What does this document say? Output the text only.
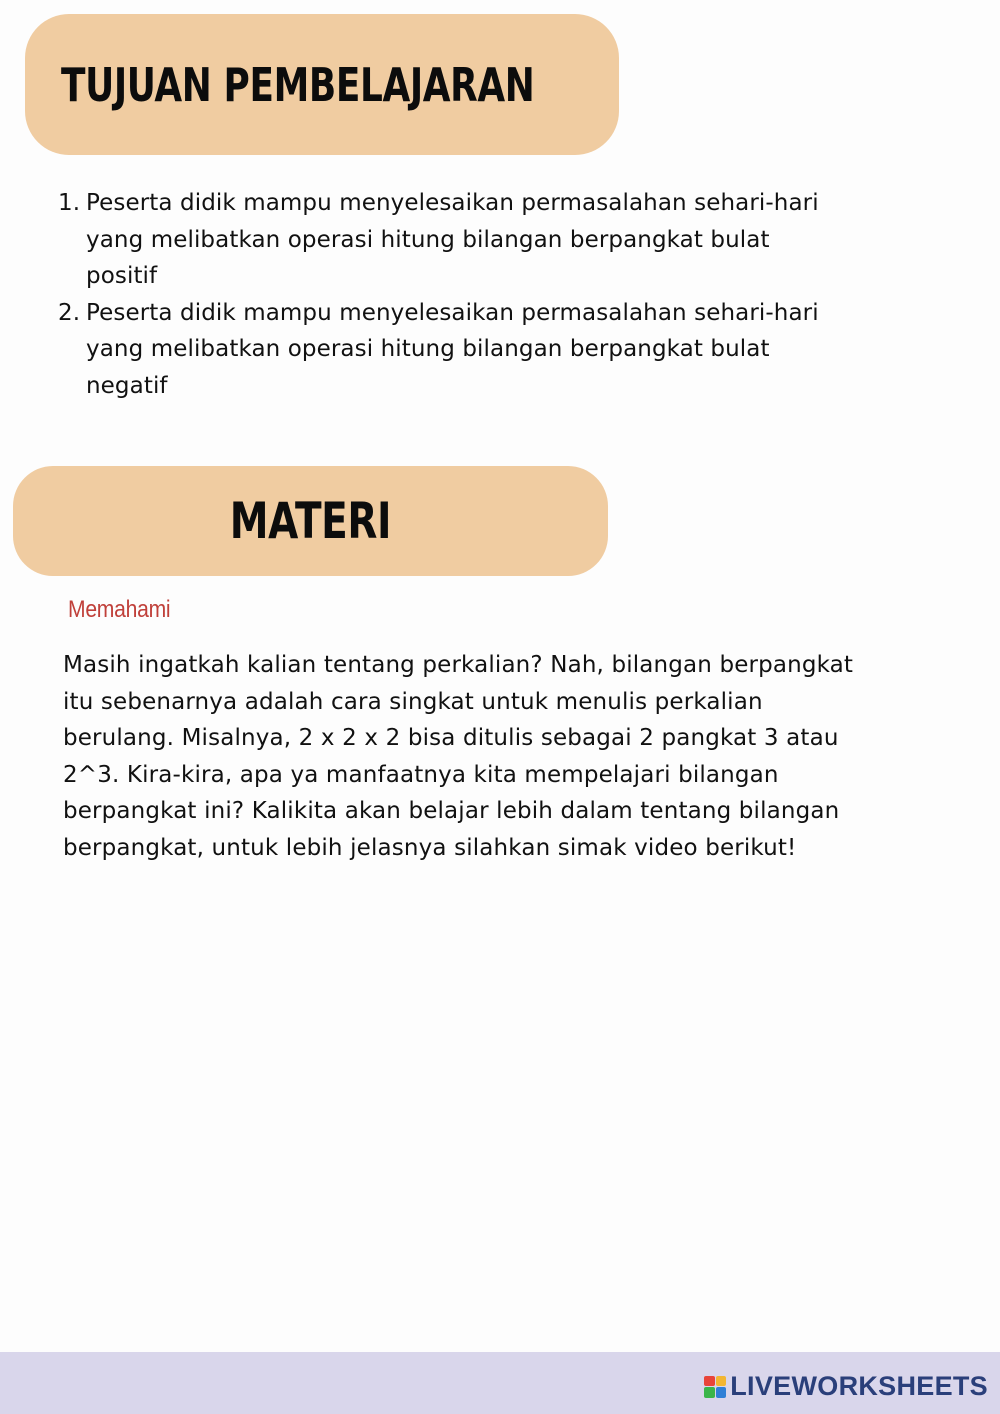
TUJUAN PEMBELAJARAN
1. Peserta didik mampu menyelesaikan permasalahan sehari-hari
yang melibatkan operasi hitung bilangan berpangkat bulat
positif
2. Peserta didik mampu menyelesaikan permasalahan sehari-hari
yang melibatkan operasi hitung bilangan berpangkat bulat
negatif
MATERI
Memahami
Masih ingatkah kalian tentang perkalian? Nah, bilangan berpangkat
itu sebenarnya adalah cara singkat untuk menulis perkalian
berulang. Misalnya, 2 x 2 x 2 bisa ditulis sebagai 2 pangkat 3 atau
2^3. Kira-kira, apa ya manfaatnya kita mempelajari bilangan
berpangkat ini? Kalikita akan belajar lebih dalam tentang bilangan
berpangkat, untuk lebih jelasnya silahkan simak video berikut!
LIVEWORKSHEETS
